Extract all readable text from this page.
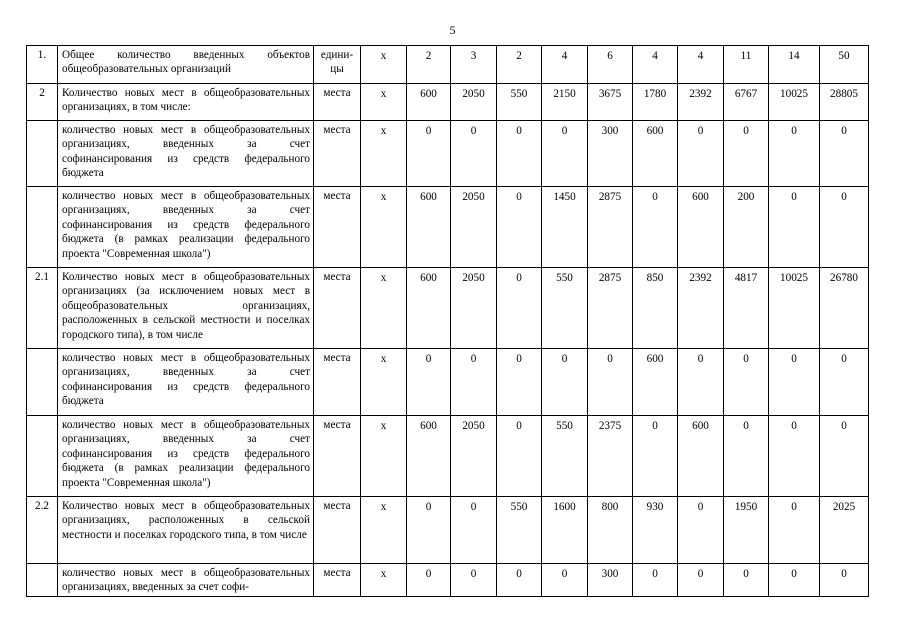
5
1.	Общее количество введенных объектов общеобразовательных организаций	едини-цы	х	2	3	2	4	6	4	4	11	14	50
2	Количество новых мест в общеобразовательных организациях, в том числе:	места	х	600	2050	550	2150	3675	1780	2392	6767	10025	28805
	количество новых мест в общеобразовательных организациях, введенных за счет софинансирования из средств федерального бюджета	места	х	0	0	0	0	300	600	0	0	0	0
	количество новых мест в общеобразовательных организациях, введенных за счет софинансирования из средств федерального бюджета (в рамках реализации федерального проекта "Современная школа")	места	х	600	2050	0	1450	2875	0	600	200	0	0
2.1	Количество новых мест в общеобразовательных организациях (за исключением новых мест в общеобразовательных организациях, расположенных в сельской местности и поселках городского типа), в том числе	места	х	600	2050	0	550	2875	850	2392	4817	10025	26780
	количество новых мест в общеобразовательных организациях, введенных за счет софинансирования из средств федерального бюджета	места	х	0	0	0	0	0	600	0	0	0	0
	количество новых мест в общеобразовательных организациях, введенных за счет софинансирования из средств федерального бюджета (в рамках реализации федерального проекта "Современная школа")	места	х	600	2050	0	550	2375	0	600	0	0	0
2.2	Количество новых мест в общеобразовательных организациях, расположенных в сельской местности и поселках городского типа, в том числе	места	х	0	0	550	1600	800	930	0	1950	0	2025
	количество новых мест в общеобразовательных организациях, введенных за счет софи-	места	х	0	0	0	0	300	0	0	0	0	0
